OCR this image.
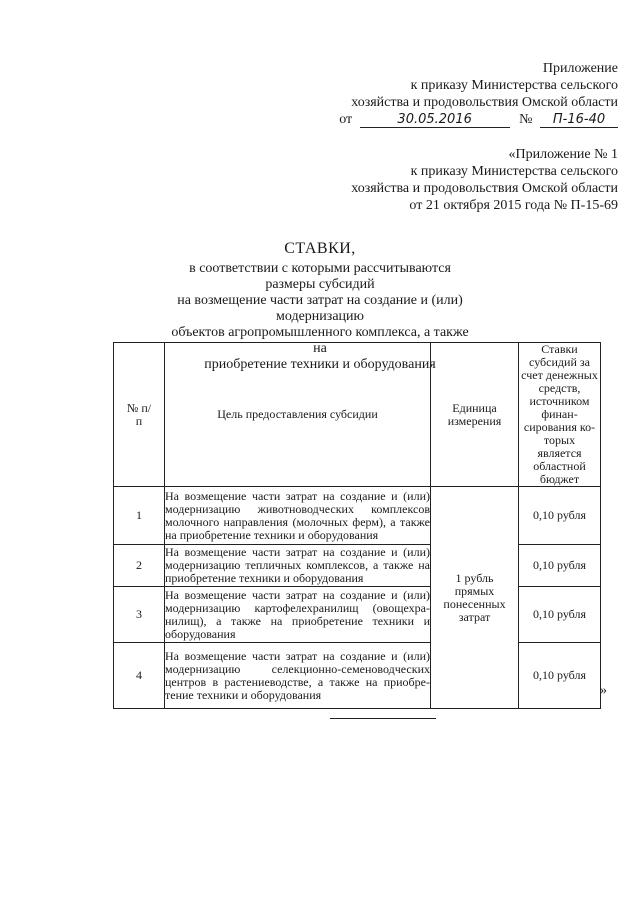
Приложение
к приказу Министерства сельского
хозяйства и продовольствия Омской области
от	30.05.2016	№ П-16-40
«Приложение № 1
к приказу Министерства сельского
хозяйства и продовольствия Омской области
от 21 октября 2015 года № П-15-69
СТАВКИ,
в соответствии с которыми рассчитываются размеры субсидий
на возмещение части затрат на создание и (или) модернизацию
объектов агропромышленного комплекса, а также на
приобретение техники и оборудования
№ п/п	Цель предоставления субсидии	Единица измерения	Ставки субсидий за счет денежных средств, источником финансирования которых является областной бюджет
1	На возмещение части затрат на создание и (или) модернизацию животноводческих комплексов молочного направления (молочных ферм), а также на приобретение техники и оборудования	1 рубль прямых понесенных затрат	0,10 рубля
2	На возмещение части затрат на создание и (или) модернизацию тепличных комплексов, а также на приобретение техники и оборудования		0,10 рубля
3	На возмещение части затрат на создание и (или) модернизацию картофелехранилищ (овощехранилищ), а также на приобретение техники и оборудования		0,10 рубля
4	На возмещение части затрат на создание и (или) модернизацию селекционно-семеноводческих центров в растениеводстве, а также на приобретение техники и оборудования		0,10 рубля
»
